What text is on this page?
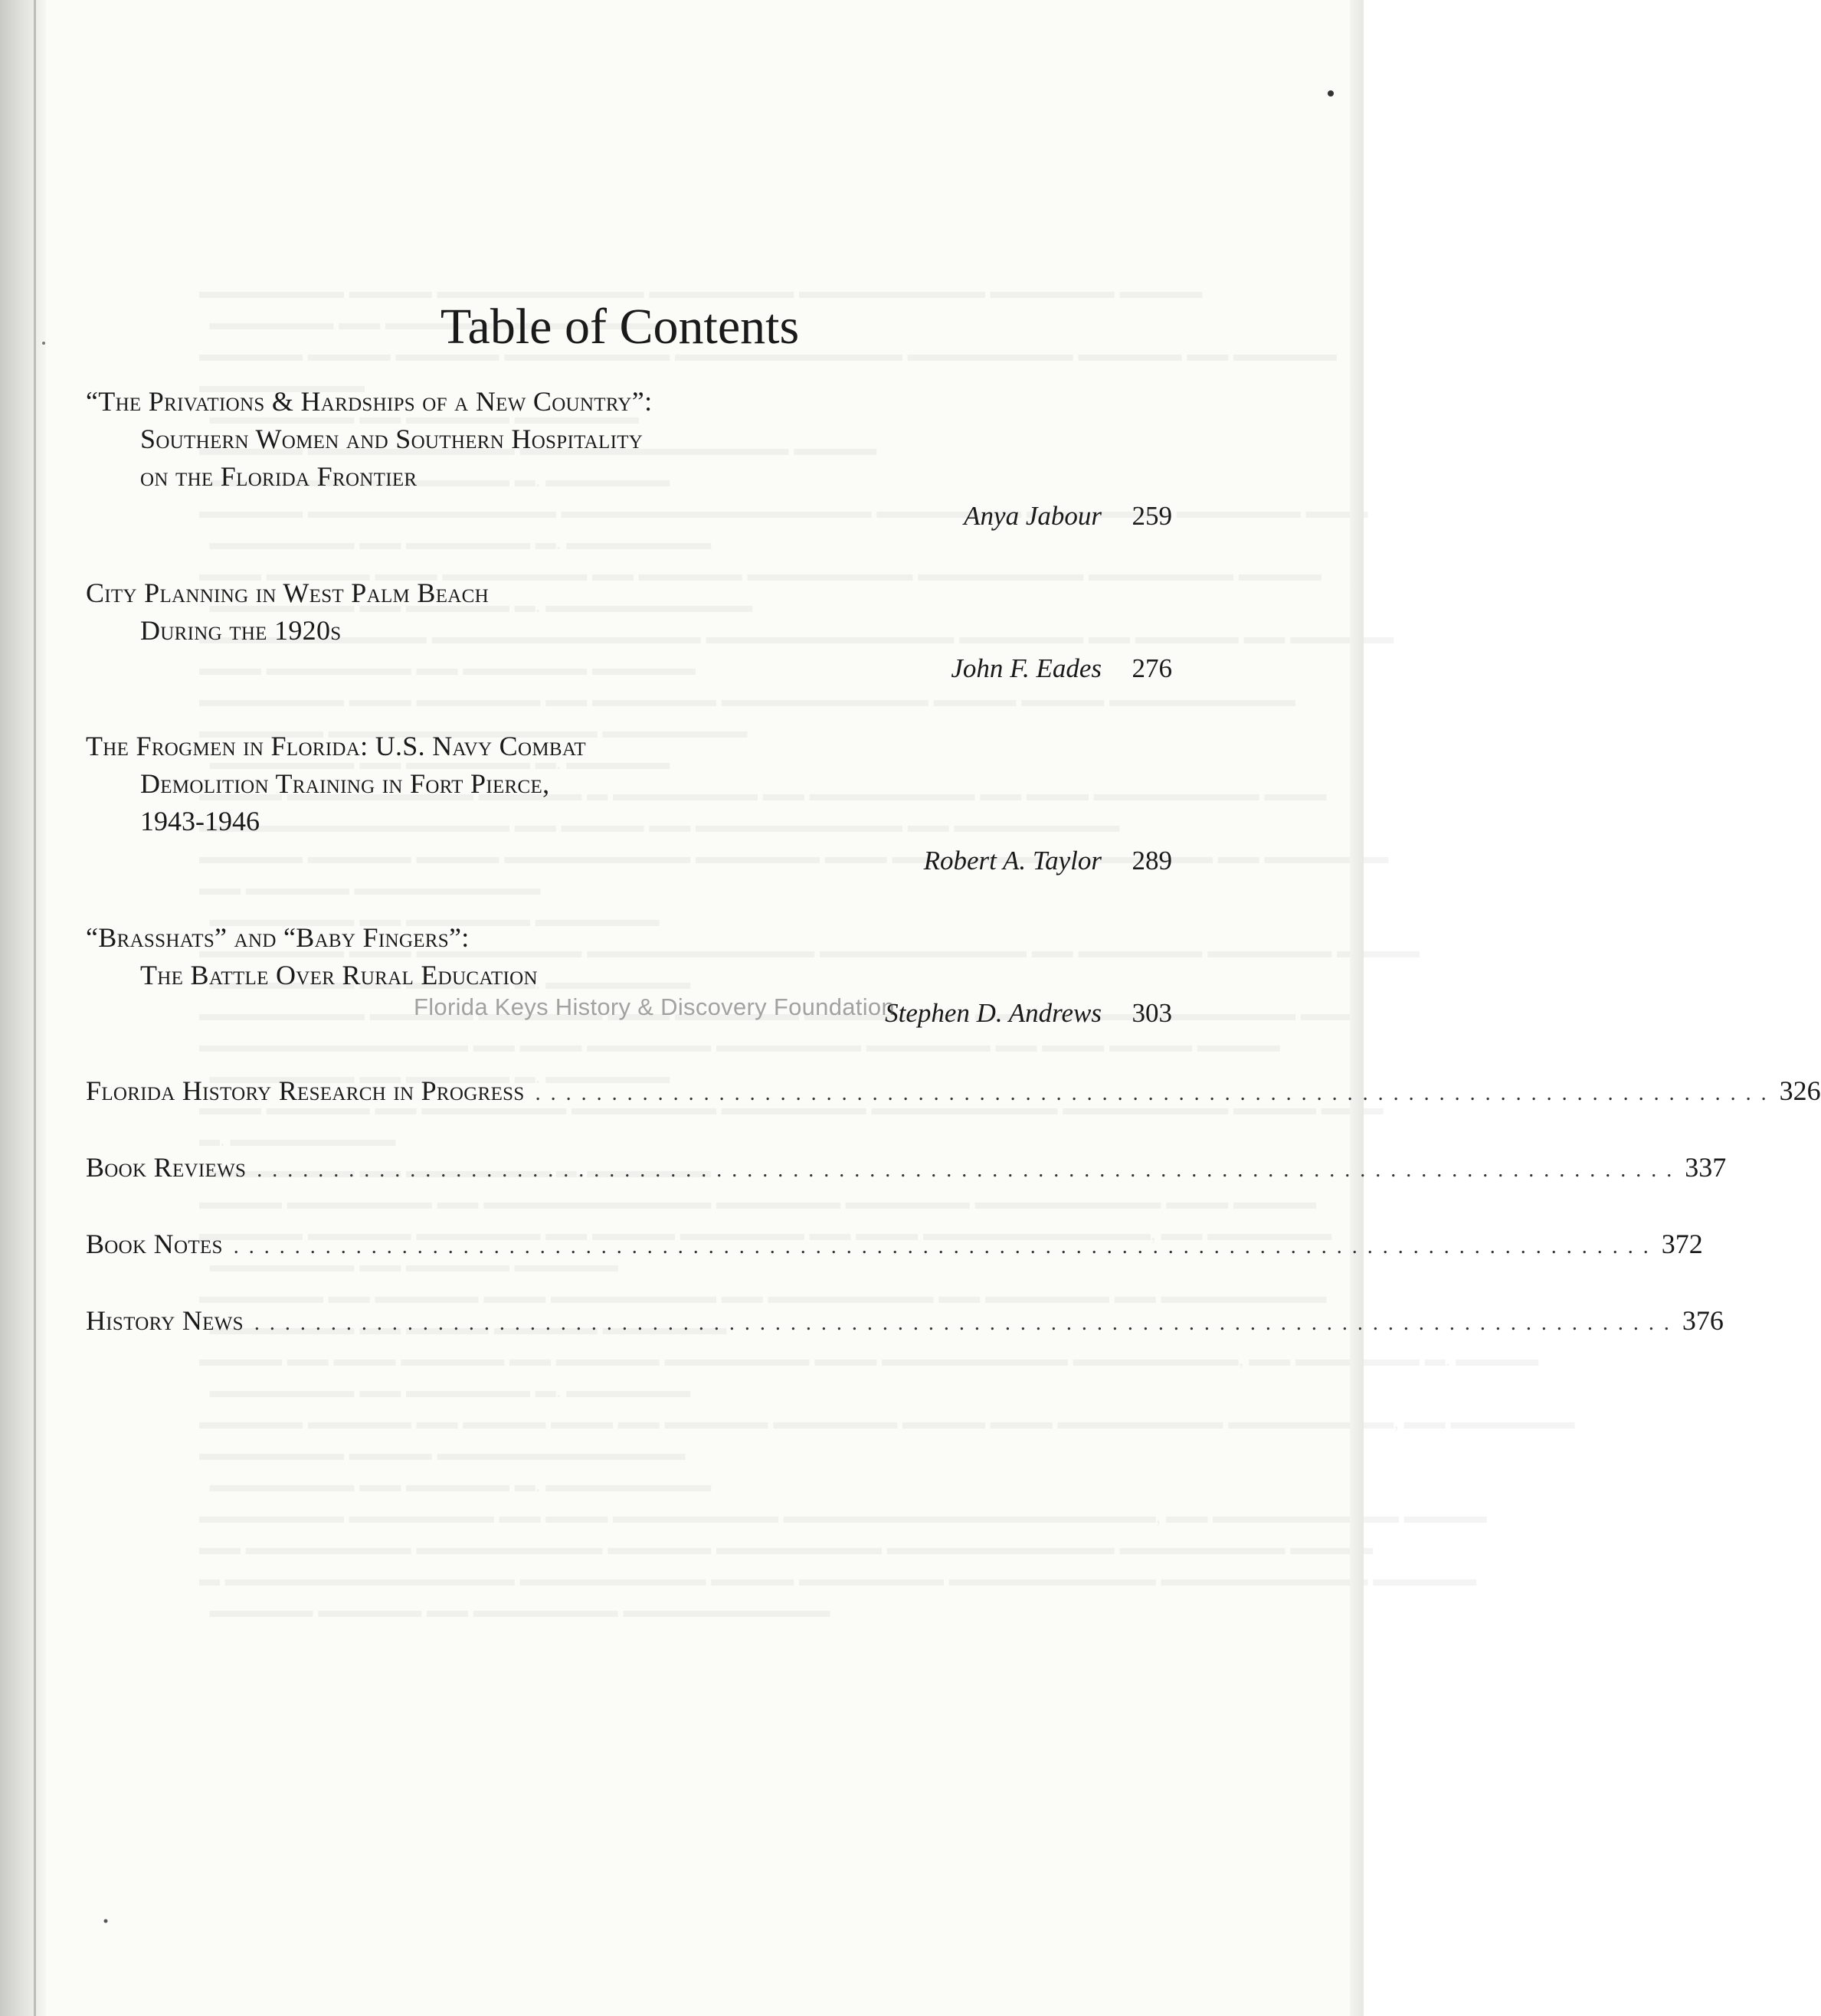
Table of Contents
“The Privations & Hardships of a New Country”:
Southern Women and Southern Hospitality
on the Florida Frontier
Anya Jabour	259
City Planning in West Palm Beach
During the 1920s
John F. Eades	276
The Frogmen in Florida: U.S. Navy Combat
Demolition Training in Fort Pierce,
1943-1946
Robert A. Taylor	289
“Brasshats” and “Baby Fingers”:
The Battle Over Rural Education
Stephen D. Andrews	303
Florida History Research in Progress . . . . . . . . . . . . . . . . . . . . . . . . . . . . . . . . . . . . . . . . . . . . . . . . . . . . . . . . . . . . . . . . . . . . . . . . . . . . . . . . . 326
Book Reviews . . . . . . . . . . . . . . . . . . . . . . . . . . . . . . . . . . . . . . . . . . . . . . . . . . . . . . . . . . . . . . . . . . . . . . . . . . . . . . . . . . . . . . . . . . . . . 337
Book Notes . . . . . . . . . . . . . . . . . . . . . . . . . . . . . . . . . . . . . . . . . . . . . . . . . . . . . . . . . . . . . . . . . . . . . . . . . . . . . . . . . . . . . . . . . . . . . 372
History News . . . . . . . . . . . . . . . . . . . . . . . . . . . . . . . . . . . . . . . . . . . . . . . . . . . . . . . . . . . . . . . . . . . . . . . . . . . . . . . . . . . . . . . . . . . . . 376
Florida Keys History & Discovery Foundation
